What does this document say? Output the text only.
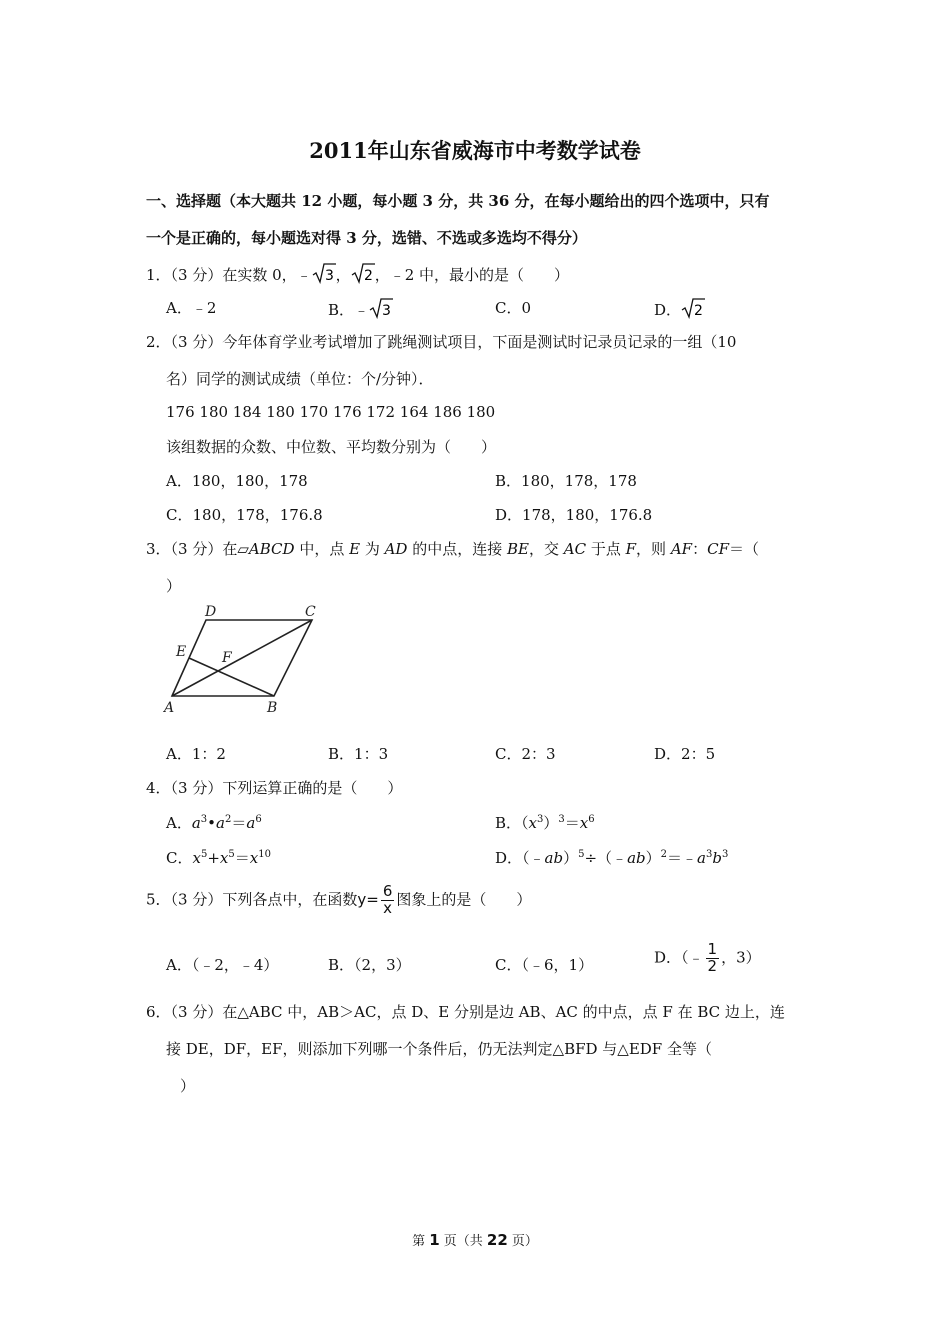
2011年山东省威海市中考数学试卷
一、选择题（本大题共 12 小题，每小题 3 分，共 36 分，在每小题给出的四个选项中，只有
一个是正确的，每小题选对得 3 分，选错、不选或多选均不得分）
1．（3 分）在实数 0，﹣ 3 ， 2 ，﹣2 中，最小的是（　　）
A．﹣2	B．﹣ 3	C．0	D． 2
2．（3 分）今年体育学业考试增加了跳绳测试项目，下面是测试时记录员记录的一组（10
名）同学的测试成绩（单位：个/分钟）．
176 180 184 180 170 176 172 164 186 180
该组数据的众数、中位数、平均数分别为（　　）
A．180，180，178	B．180，178，178
C．180，178，176.8	D．178，180，176.8
3．（3 分）在▱ABCD 中，点 E 为 AD 的中点，连接 BE，交 AC 于点 F，则 AF：CF＝（
）
A	B
C
D
E	F
A．1：2	B．1：3	C．2：3	D．2：5
4．（3 分）下列运算正确的是（　　）
A．$a^3•a^2=a^6$	B．$(x^3)^3=x^6$
C．$x^5+x^5=x^{10}$	D．$(﹣ab)^5\div(﹣ab)^2=﹣a^3b^3$
5．（3 分）下列各点中，在函数$y= \frac{6}{x}$ 图象上的是（　　）
A．（﹣2，﹣4）	B．（2，3）	C．（﹣6，1）	D．（﹣ $\frac{1}{2}$ ，3）
6．（3 分）在△ABC 中，AB＞AC，点 D、E 分别是边 AB、AC 的中点，点 F 在 BC 边上，连
接 DE，DF，EF，则添加下列哪一个条件后，仍无法判定△BFD 与△EDF 全等（
）
第 1 页（共 22 页）
